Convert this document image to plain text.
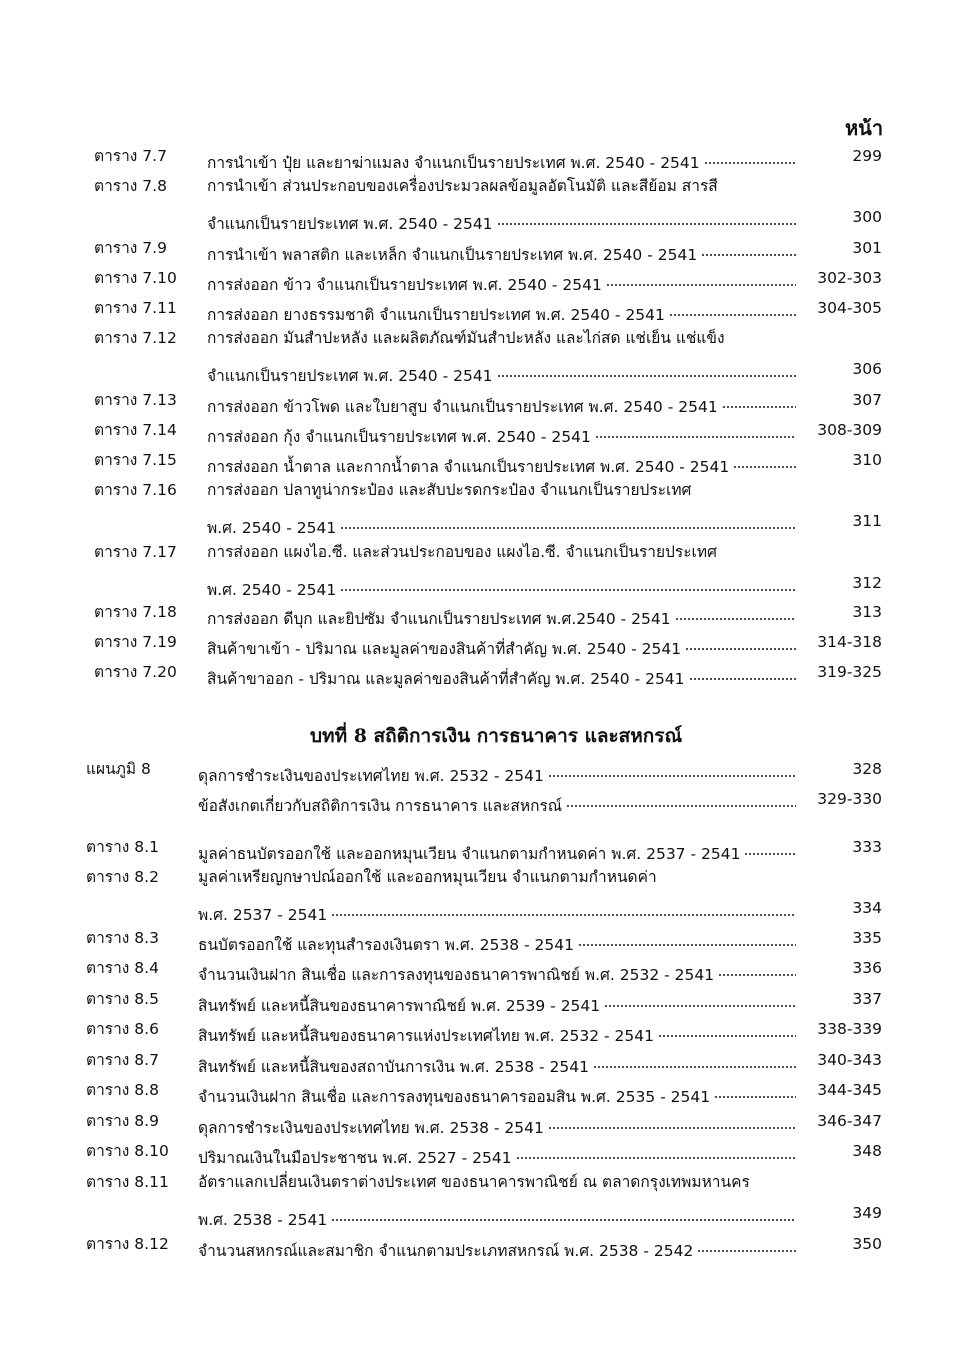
หน้า
ตาราง 7.7	การนำเข้า ปุ๋ย และยาฆ่าแมลง จำแนกเป็นรายประเทศ พ.ศ. 2540 - 2541	299
ตาราง 7.8	การนำเข้า ส่วนประกอบของเครื่องประมวลผลข้อมูลอัตโนมัติ และสีย้อม สารสี
จำแนกเป็นรายประเทศ พ.ศ. 2540 - 2541	300
ตาราง 7.9	การนำเข้า พลาสติก และเหล็ก จำแนกเป็นรายประเทศ พ.ศ. 2540 - 2541	301
ตาราง 7.10 การส่งออก ข้าว จำแนกเป็นรายประเทศ พ.ศ. 2540 - 2541	302-303
ตาราง 7.11 การส่งออก ยางธรรมชาติ จำแนกเป็นรายประเทศ พ.ศ. 2540 - 2541	304-305
ตาราง 7.12 การส่งออก มันสำปะหลัง และผลิตภัณฑ์มันสำปะหลัง และไก่สด แช่เย็น แช่แข็ง
จำแนกเป็นรายประเทศ พ.ศ. 2540 - 2541	306
ตาราง 7.13 การส่งออก ข้าวโพด และใบยาสูบ จำแนกเป็นรายประเทศ พ.ศ. 2540 - 2541	307
ตาราง 7.14 การส่งออก กุ้ง จำแนกเป็นรายประเทศ พ.ศ. 2540 - 2541	308-309
ตาราง 7.15 การส่งออก น้ำตาล และกากน้ำตาล จำแนกเป็นรายประเทศ พ.ศ. 2540 - 2541	310
ตาราง 7.16 การส่งออก ปลาทูน่ากระป๋อง และสับปะรดกระป๋อง จำแนกเป็นรายประเทศ
พ.ศ. 2540 - 2541	311
ตาราง 7.17 การส่งออก แผงไอ.ซี. และส่วนประกอบของ แผงไอ.ซี. จำแนกเป็นรายประเทศ
พ.ศ. 2540 - 2541	312
ตาราง 7.18 การส่งออก ดีบุก และยิปซัม จำแนกเป็นรายประเทศ พ.ศ.2540 - 2541	313
ตาราง 7.19 สินค้าขาเข้า - ปริมาณ และมูลค่าของสินค้าที่สำคัญ พ.ศ. 2540 - 2541	314-318
ตาราง 7.20 สินค้าขาออก - ปริมาณ และมูลค่าของสินค้าที่สำคัญ พ.ศ. 2540 - 2541	319-325
บทที่ 8 สถิติการเงิน การธนาคาร และสหกรณ์
แผนภูมิ 8	ดุลการชำระเงินของประเทศไทย พ.ศ. 2532 - 2541	328
ข้อสังเกตเกี่ยวกับสถิติการเงิน การธนาคาร และสหกรณ์	329-330
ตาราง 8.1	มูลค่าธนบัตรออกใช้ และออกหมุนเวียน จำแนกตามกำหนดค่า พ.ศ. 2537 - 2541	333
ตาราง 8.2	มูลค่าเหรียญกษาปณ์ออกใช้ และออกหมุนเวียน จำแนกตามกำหนดค่า
พ.ศ. 2537 - 2541	334
ตาราง 8.3	ธนบัตรออกใช้ และทุนสำรองเงินตรา พ.ศ. 2538 - 2541	335
ตาราง 8.4	จำนวนเงินฝาก สินเชื่อ และการลงทุนของธนาคารพาณิชย์ พ.ศ. 2532 - 2541	336
ตาราง 8.5	สินทรัพย์ และหนี้สินของธนาคารพาณิชย์ พ.ศ. 2539 - 2541	337
ตาราง 8.6	สินทรัพย์ และหนี้สินของธนาคารแห่งประเทศไทย พ.ศ. 2532 - 2541	338-339
ตาราง 8.7	สินทรัพย์ และหนี้สินของสถาบันการเงิน พ.ศ. 2538 - 2541	340-343
ตาราง 8.8	จำนวนเงินฝาก สินเชื่อ และการลงทุนของธนาคารออมสิน พ.ศ. 2535 - 2541	344-345
ตาราง 8.9	ดุลการชำระเงินของประเทศไทย พ.ศ. 2538 - 2541	346-347
ตาราง 8.10 ปริมาณเงินในมือประชาชน พ.ศ. 2527 - 2541	348
ตาราง 8.11 อัตราแลกเปลี่ยนเงินตราต่างประเทศ ของธนาคารพาณิชย์ ณ ตลาดกรุงเทพมหานคร
พ.ศ. 2538 - 2541	349
ตาราง 8.12 จำนวนสหกรณ์และสมาชิก จำแนกตามประเภทสหกรณ์ พ.ศ. 2538 - 2542	350
